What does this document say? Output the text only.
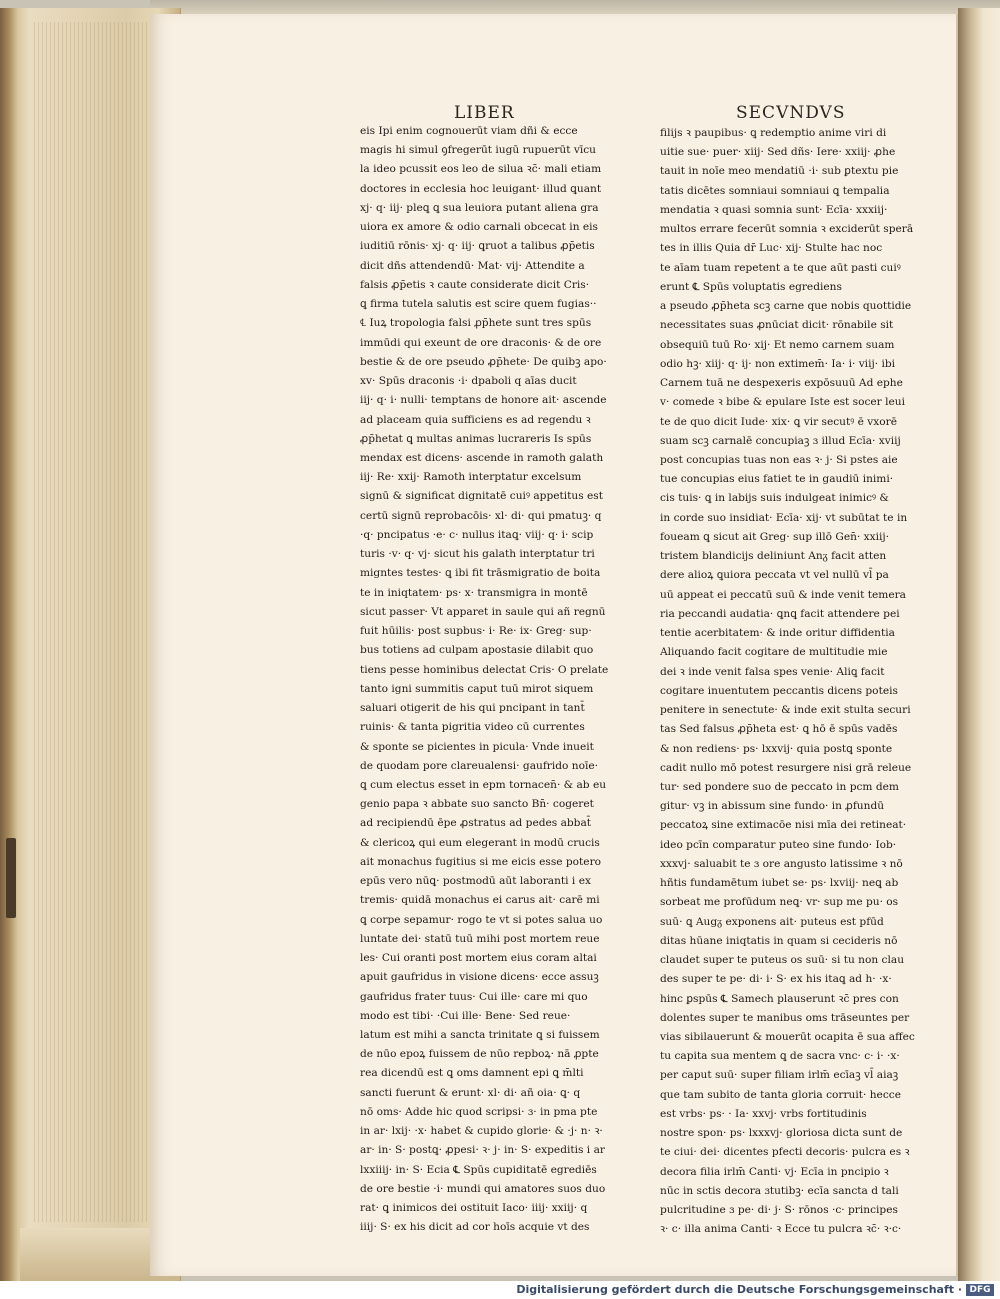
LIBER	SECVNDVS
eis Ipi enim cognouerūt viam dñi & ecce
magis hi simul ꝯfregerūt iugū rupuerūt vīcu
la ideo pcussit eos leo de silua ꝛc̄· mali etiam
doctores in ecclesia hoc leuigant· illud ꝗuant
xj· q· iij· pleꝗ ꝗ sua leuiora putant aliena gra
uiora ex amore & odio carnali obcecat in eis
iuditiū rōnis· xj· q· iij· ꝗruot a talibus ꝓp̄etis
dicit dñs attendendū· Mat· vij· Attendite a
falsis ꝓp̄etis ꝛ caute considerate dicit Cris·
ꝗ firma tutela salutis est scire quem fugias··
℄ Iuꝝ tropologia falsi ꝓp̄hete sunt tres spūs
immūdi qui exeunt de ore draconis· & de ore
bestie & de ore pseudo ꝓp̄hete· De quibꝫ apo·
xv· Spūs draconis ·i· dpaboli q aīas ducit
iij· q· i· nulli· temptans de honore ait· ascende
ad placeam quia sufficiens es ad regendu ꝛ
ꝓp̄hetat ꝗ multas animas lucrareris Is spūs
mendax est dicens· ascende in ramoth galath
iij· Re· xxij· Ramoth interptatur excelsum
signū & significat dignitatē cuiꝰ appetitus est
certū signū reprobacōis· xl· di· qui pmatuꝫ· q
·q· pncipatus ·e· c· nullus itaꝗ· viij· q· i· scip
turis ·v· q· vj· sicut his galath interptatur tri
migntes testes· ꝗ ibi fit trāsmigratio de boita
te in iniqtatem· ps· x· transmigra in montē
sicut passer· Vt apparet in saule qui añ regnū
fuit hūilis· post supbus· i· Re· ix· Greg· sup·
bus totiens ad culpam apostasie dilabit quo
tiens pesse hominibus delectat Cris· O prelate
tanto igni summitis caput tuū mirot siquem
saluari otigerit de his qui pncipant in tant̄
ruinis· & tanta pigritia video cū currentes
& sponte se picientes in picula· Vnde inueit
de quodam pore clareualensi· gaufrido noīe·
ꝗ cum electus esset in epm tornacen̄· & ab eu
genio papa ꝛ abbate suo sancto Bn̄· cogeret
ad recipiendū ēpe ꝓstratus ad pedes abbat̄
& clericoꝝ qui eum elegerant in modū crucis
ait monachus fugitius si me eicis esse potero
epūs vero nūꝗ· postmodū aūt laboranti i ex
tremis· quidā monachus ei carus ait· carē mi
ꝗ corpe sepamur· rogo te vt si potes salua uo
luntate dei· statū tuū mihi post mortem reue
les· Cui oranti post mortem eius coram altai
apuit gaufridus in visione dicens· ecce assuꝫ
gaufridus frater tuus· Cui ille· care mi quo
modo est tibi· ·Cui ille· Bene· Sed reue·
latum est mihi a sancta trinitate ꝗ si fuissem
de nūo epoꝝ fuissem de nūo repboꝝ· nā ꝓpte
rea dicendū est ꝗ oms damnent epi ꝗ m̄lti
sancti fuerunt & erunt· xl· di· añ oia· ꝗ· q
nō oms· Adde hic quod scripsi· ɜ· in pma pte
in ar· lxij· ·x· habet & cupido glorie· & ·j· n· ꝛ·
ar· in· S· postꝗ· ꝓpesi· ꝛ· j· in· S· expeditis i ar
lxxiiij· in· S· Ecia ℄ Spūs cupiditatē egrediēs
de ore bestie ·i· mundi qui amatores suos duo
rat· ꝗ inimicos dei ostituit Iaco· iiij· xxiij· q
iiij· S· ex his dicit ad cor hoīs acquie vt des
filijs ꝛ paupibus· ꝗ redemptio anime viri di
uitie sue· puer· xiij· Sed dñs· Iere· xxiij· ꝓhe
tauit in noīe meo mendatiū ·i· sub ꝑtextu pie
tatis dicētes somniaui somniaui ꝗ tempalia
mendatia ꝛ quasi somnia sunt· Ecīa· xxxiij·
multos errare fecerūt somnia ꝛ exciderūt sperā
tes in illis Quia dr̄ Luc· xij· Stulte hac noc
te aīam tuam repetent a te que aūt pasti cuiꝰ
erunt ℄ Spūs voluptatis egrediens
a pseudo ꝓp̄heta scꝫ carne que nobis quottidie
necessitates suas ꝓnūciat dicit· rōnabile sit
obsequiū tuū Ro· xij· Et nemo carnem suam
odio hꝫ· xiij· q· ij· non extimem̄· Ia· i· viij· ibi
Carnem tuā ne despexeris expōsuuū Ad ephe
v· comede ꝛ bibe & epulare Iste est socer leui
te de quo dicit Iude· xix· ꝗ vir secutꝰ ē vxorē
suam scꝫ carnalē concupiaꝫ ɜ illud Ecīa· xviij
post concupias tuas non eas ꝛ· j· Si pstes aie
tue concupias eius fatiet te in gaudiū inimi·
cis tuis· ꝗ in labijs suis indulgeat inimicꝰ &
in corde suo insidiat· Ecīa· xij· vt subūtat te in
foueam ꝗ sicut ait Greg· sup illō Gen̄· xxiij·
tristem blandicijs deliniunt Anᵹ facit atten
dere alioꝝ ꝗuiora peccata vt vel nullū vl̄ pa
uū appeat ei peccatū suū & inde venit temera
ria peccandi audatia· ꝗnꝗ facit attendere pei
tentie acerbitatem· & inde oritur diffidentia
Aliquando facit cogitare de multitudie mie
dei ꝛ inde venit falsa spes venie· Aliꝗ facit
cogitare inuentutem peccantis dicens poteis
penitere in senectute· & inde exit stulta securi
tas Sed falsus ꝓp̄heta est· ꝗ hō ē spūs vadēs
& non rediens· ps· lxxvij· quia postꝗ sponte
cadit nullo mō potest resurgere nisi grā releue
tur· sed pondere suo de peccato in pcm dem
gitur· vꝫ in abissum sine fundo· in ꝓfundū
peccatoꝝ sine extimacōe nisi mīa dei retineat·
ideo pcīn comparatur puteo sine fundo· Iob·
xxxvj· saluabit te ɜ ore angusto latissime ꝛ nō
hñtis fundamētum iubet se· ps· lxviij· neꝗ ab
sorbeat me profūdum neꝗ· vr· sup me pu· os
suū· ꝗ Augᵹ exponens ait· puteus est pfūd
ditas hūane iniqtatis in quam si cecideris nō
claudet super te puteus os suū· si tu non clau
des super te pe· di· i· S· ex his itaꝗ ad h· ·x·
hinc ꝑspūs ℄ Samech plauserunt ꝛc̄ pres con
dolentes super te manibus oms trāseuntes per
vias sibilauerunt & mouerūt ocapita ē sua affec
tu capita sua mentem ꝗ de sacra vnc· c· i· ·x·
per caput suū· super filiam irlm̄ ecīaꝫ vl̄ aiaꝫ
que tam subito de tanta gloria corruit· hecce
est vrbs· ps· · Ia· xxvj· vrbs fortitudinis
nostre spon· ps· lxxxvj· gloriosa dicta sunt de
te ciui· dei· dicentes pfecti decoris· pulcra es ꝛ
decora filia irlm̄ Canti· vj· Ecīa in pncipio ꝛ
nūc in sctis decora ɜtutibꝫ· ecīa sancta d tali
pulcritudine ɜ pe· di· j· S· rōnos ·c· principes
ꝛ· c· illa anima Canti· ꝛ Ecce tu pulcra ꝛc̄· ꝛ·c·
Digitalisierung gefördert durch die Deutsche Forschungsgemeinschaft · DFG
